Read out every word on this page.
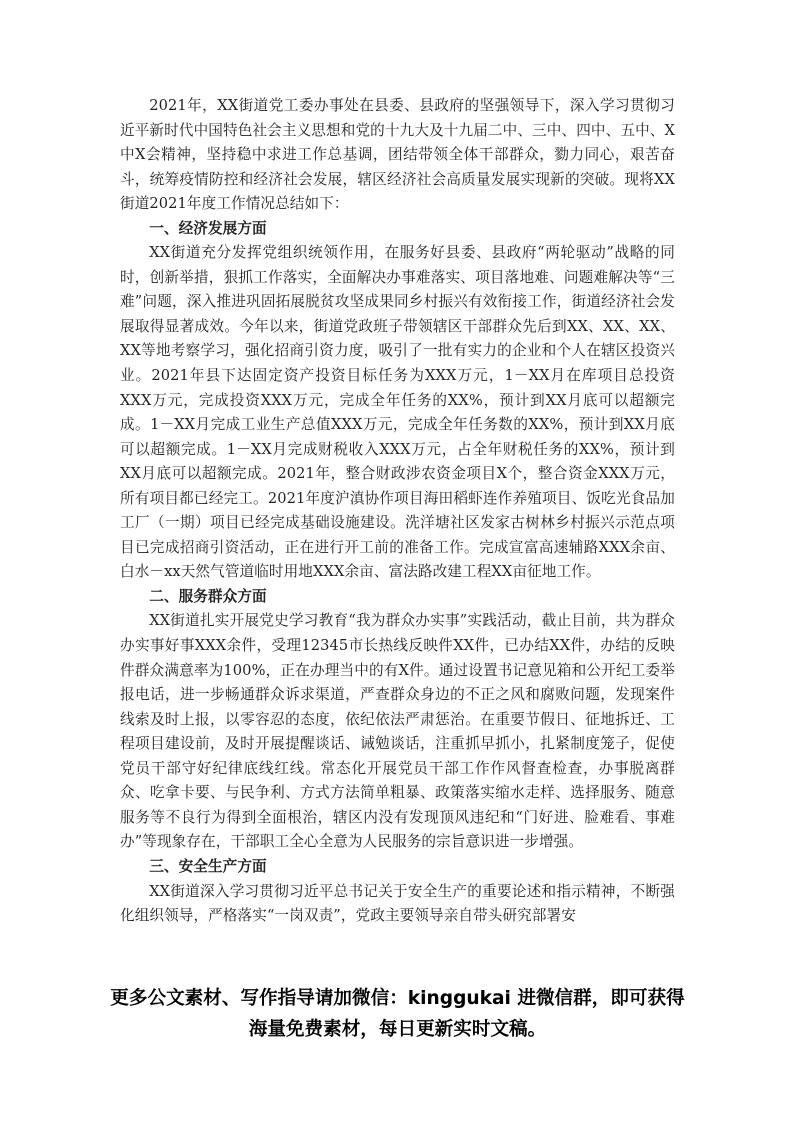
2021年，XX街道党工委办事处在县委、县政府的坚强领导下，深入学习贯彻习近平新时代中国特色社会主义思想和党的十九大及十九届二中、三中、四中、五中、X中X会精神，坚持稳中求进工作总基调，团结带领全体干部群众，勠力同心，艰苦奋斗，统筹疫情防控和经济社会发展，辖区经济社会高质量发展实现新的突破。现将XX街道2021年度工作情况总结如下：

一、经济发展方面

XX街道充分发挥党组织统领作用，在服务好县委、县政府“两轮驱动”战略的同时，创新举措，狠抓工作落实，全面解决办事难落实、项目落地难、问题难解决等“三难”问题，深入推进巩固拓展脱贫攻坚成果同乡村振兴有效衔接工作，街道经济社会发展取得显著成效。今年以来，街道党政班子带领辖区干部群众先后到XX、XX、XX、XX等地考察学习，强化招商引资力度，吸引了一批有实力的企业和个人在辖区投资兴业。2021年县下达固定资产投资目标任务为XXX万元，1－XX月在库项目总投资XXX万元，完成投资XXX万元，完成全年任务的XX%，预计到XX月底可以超额完成。1－XX月完成工业生产总值XXX万元，完成全年任务数的XX%，预计到XX月底可以超额完成。1－XX月完成财税收入XXX万元，占全年财税任务的XX%，预计到XX月底可以超额完成。2021年，整合财政涉农资金项目X个，整合资金XXX万元，所有项目都已经完工。2021年度沪滇协作项目海田稻虾连作养殖项目、饭吃光食品加工厂（一期）项目已经完成基础设施建设。洗洋塘社区发家古树林乡村振兴示范点项目已完成招商引资活动，正在进行开工前的准备工作。完成宣富高速辅路XXX余亩、白水－xx天然气管道临时用地XXX余亩、富法路改建工程XX亩征地工作。

二、服务群众方面

XX街道扎实开展党史学习教育“我为群众办实事”实践活动，截止目前，共为群众办实事好事XXX余件，受理12345市长热线反映件XX件，已办结XX件，办结的反映件群众满意率为100%，正在办理当中的有X件。通过设置书记意见箱和公开纪工委举报电话，进一步畅通群众诉求渠道，严查群众身边的不正之风和腐败问题，发现案件线索及时上报，以零容忍的态度，依纪依法严肃惩治。在重要节假日、征地拆迁、工程项目建设前，及时开展提醒谈话、诫勉谈话，注重抓早抓小，扎紧制度笼子，促使党员干部守好纪律底线红线。常态化开展党员干部工作作风督查检查，办事脱离群众、吃拿卡要、与民争利、方式方法简单粗暴、政策落实缩水走样、选择服务、随意服务等不良行为得到全面根治，辖区内没有发现顶风违纪和“门好进、脸难看、事难办”等现象存在，干部职工全心全意为人民服务的宗旨意识进一步增强。

三、安全生产方面

XX街道深入学习贯彻习近平总书记关于安全生产的重要论述和指示精神，不断强化组织领导，严格落实“一岗双责”，党政主要领导亲自带头研究部署安

更多公文素材、写作指导请加微信：kinggukai 进微信群，即可获得
海量免费素材，每日更新实时文稿。
